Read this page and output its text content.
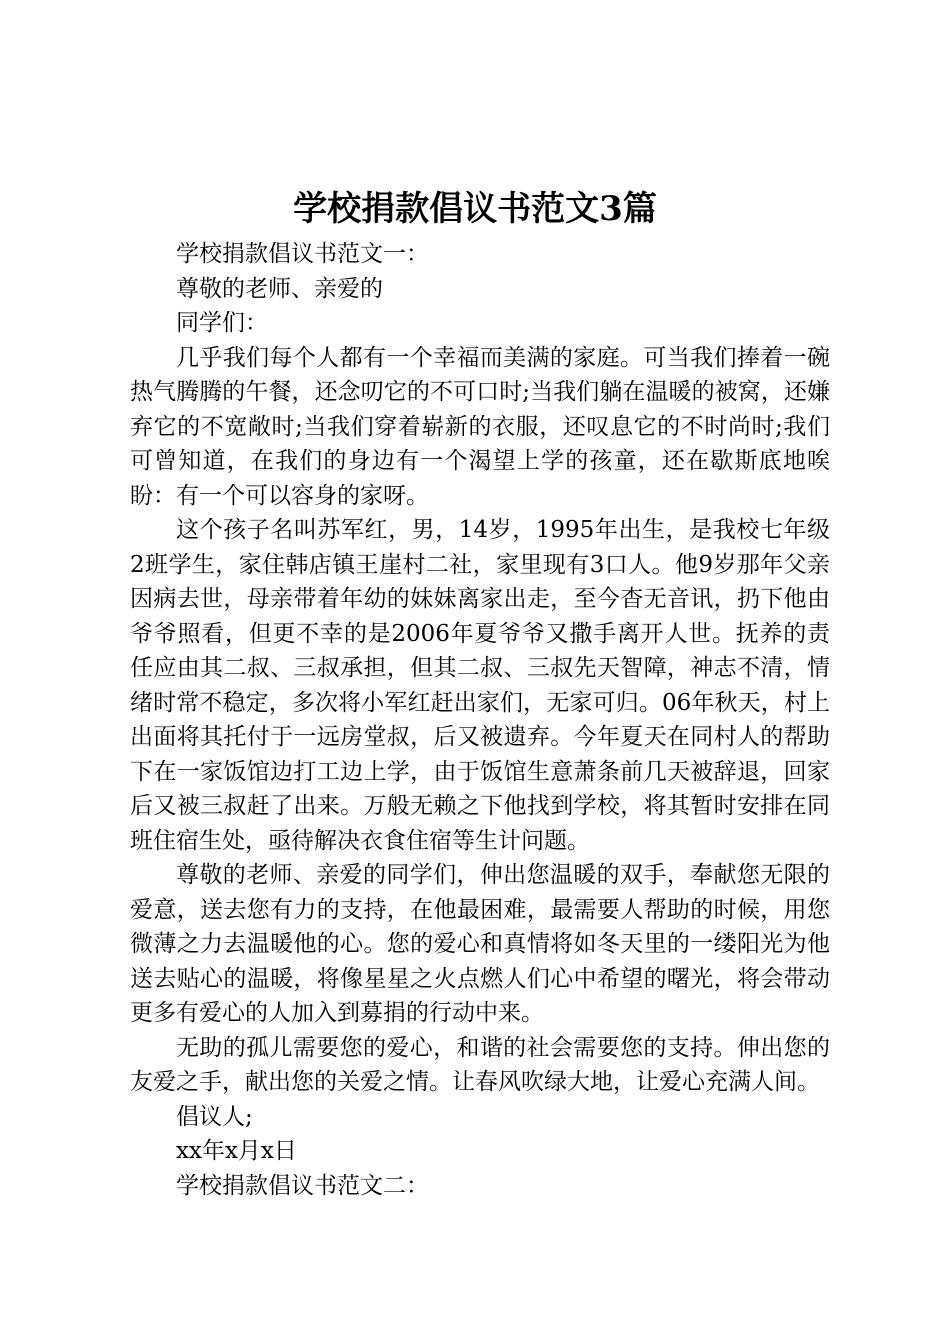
学校捐款倡议书范文3篇

学校捐款倡议书范文一：

尊敬的老师、亲爱的

同学们：

几乎我们每个人都有一个幸福而美满的家庭。可当我们捧着一碗热气腾腾的午餐，还念叨它的不可口时;当我们躺在温暖的被窝，还嫌弃它的不宽敞时;当我们穿着崭新的衣服，还叹息它的不时尚时;我们可曾知道，在我们的身边有一个渴望上学的孩童，还在歇斯底地唉盼：有一个可以容身的家呀。

这个孩子名叫苏军红，男，14岁，1995年出生，是我校七年级2班学生，家住韩店镇王崖村二社，家里现有3口人。他9岁那年父亲因病去世，母亲带着年幼的妹妹离家出走，至今杳无音讯，扔下他由爷爷照看，但更不幸的是2006年夏爷爷又撒手离开人世。抚养的责任应由其二叔、三叔承担，但其二叔、三叔先天智障，神志不清，情绪时常不稳定，多次将小军红赶出家们，无家可归。06年秋天，村上出面将其托付于一远房堂叔，后又被遗弃。今年夏天在同村人的帮助下在一家饭馆边打工边上学，由于饭馆生意萧条前几天被辞退，回家后又被三叔赶了出来。万般无赖之下他找到学校，将其暂时安排在同班住宿生处，亟待解决衣食住宿等生计问题。

尊敬的老师、亲爱的同学们，伸出您温暖的双手，奉献您无限的爱意，送去您有力的支持，在他最困难，最需要人帮助的时候，用您微薄之力去温暖他的心。您的爱心和真情将如冬天里的一缕阳光为他送去贴心的温暖，将像星星之火点燃人们心中希望的曙光，将会带动更多有爱心的人加入到募捐的行动中来。

无助的孤儿需要您的爱心，和谐的社会需要您的支持。伸出您的友爱之手，献出您的关爱之情。让春风吹绿大地，让爱心充满人间。

倡议人;

xx年x月x日

学校捐款倡议书范文二：
